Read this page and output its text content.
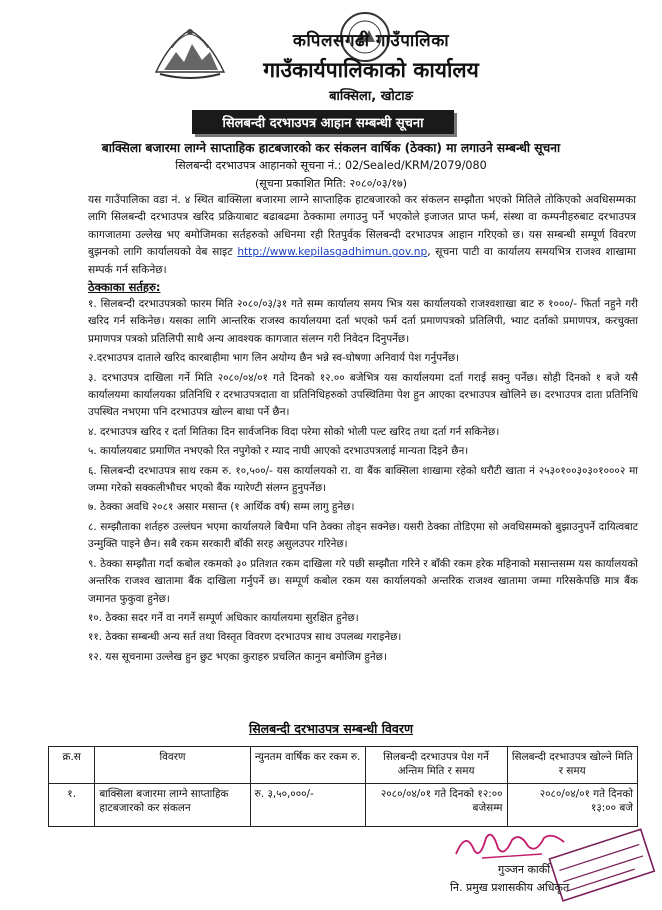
कपिलसगढी गाउँपालिका
गाउँकार्यपालिकाको कार्यालय
बाक्सिला, खोटाङ
सिलबन्दी दरभाउपत्र आहान सम्बन्धी सूचना
बाक्सिला बजारमा लाग्ने साप्ताहिक हाटबजारको कर संकलन वार्षिक (ठेक्का) मा लगाउने सम्बन्धी सूचना
सिलबन्दी दरभाउपत्र आहानको सूचना नं.: 02/Sealed/KRM/2079/080
(सूचना प्रकाशित मिति: २०८०/०३/१७)
यस गाउँपालिका वडा नं. ४ स्थित बाक्सिला बजारमा लाग्ने साप्ताहिक हाटबजारको कर संकलन सम्झौता भएको मितिले तोकिएको अवधिसम्मका लागि सिलबन्दी दरभाउपत्र खरिद प्रक्रियाबाट बढाबढमा ठेक्कामा लगाउनु पर्ने भएकोले इजाजत प्राप्त फर्म, संस्था वा कम्पनीहरुबाट दरभाउपत्र कागजातमा उल्लेख भए बमोजिमका सर्तहरुको अधिनमा रही रितपुर्वक सिलबन्दी दरभाउपत्र आहान गरिएको छ। यस सम्बन्धी सम्पूर्ण विवरण बुझनको लागि कार्यालयको वेब साइट http://www.kepilasgadhimun.gov.np, सूचना पाटी वा कार्यालय समयभित्र राजश्व शाखामा सम्पर्क गर्न सकिनेछ।
ठेक्काका सर्तहरु:

१. सिलबन्दी दरभाउपत्रको फारम मिति २०८०/०३/३१ गते सम्म कार्यालय समय भित्र यस कार्यालयको राजश्वशाखा बाट रु १०००/- फिर्ता नहुने गरी खरिद गर्न सकिनेछ। यसका लागि आन्तरिक राजस्व कार्यालयमा दर्ता भएको फर्म दर्ता प्रमाणपत्रको प्रतिलिपी, भ्याट दर्ताको प्रमाणपत्र, करचुक्ता प्रमाणपत्र पत्रको प्रतिलिपी साथै अन्य आवश्यक कागजात संलग्न गरी निवेदन दिनुपर्नेछ।

२.दरभाउपत्र दाताले खरिद कारबाहीमा भाग लिन अयोग्य छैन भन्ने स्व-घोषणा अनिवार्य पेश गर्नुपर्नेछ।

३. दरभाउपत्र दाखिला गर्ने मिति २०८०/०४/०१ गते दिनको १२.०० बजेभित्र यस कार्यालयमा दर्ता गराई सक्नु पर्नेछ। सोही दिनको १ बजे यसै कार्यालयमा कार्यालयका प्रतिनिधि र दरभाउपत्रदाता वा प्रतिनिधिहरुको उपस्थितिमा पेश हुन आएका दरभाउपत्र खोलिने छ। दरभाउपत्र दाता प्रतिनिधि उपस्थित नभएमा पनि दरभाउपत्र खोल्न बाधा पर्ने छैन।

४. दरभाउपत्र खरिद र दर्ता मितिका दिन सार्वजनिक विदा परेमा सोको भोली पल्ट खरिद तथा दर्ता गर्न सकिनेछ।

५. कार्यालयबाट प्रमाणित नभएको रित नपुगेको र म्याद नाघी आएको दरभाउपत्रलाई मान्यता दिइने छैन।

६. सिलबन्दी दरभाउपत्र साथ रकम रु. १०,५००/- यस कार्यालयको रा. वा बैंक बाक्सिला शाखामा रहेको धरौटी खाता नं २५३०१००३०३०१०००२ मा जम्मा गरेको सक्कलीभौचर भएको बैंक ग्यारेण्टी संलग्न हुनुपर्नेछ।

७. ठेक्का अवधि २०८१ असार मसान्त (१ आर्थिक वर्ष) सम्म लागु हुनेछ।

८. सम्झौताका शर्तहरु उल्लंघन भएमा कार्यालयले बिचैमा पनि ठेक्का तोड्न सक्नेछ। यसरी ठेक्का तोडिएमा सो अवधिसम्मको बुझाउनुपर्ने दायित्वबाट उन्मुक्ति पाइने छैन। सबै रकम सरकारी बाँकी सरह असुलउपर गरिनेछ।

९. ठेक्का सम्झौता गर्दा कबोल रकमको ३० प्रतिशत रकम दाखिला गरे पछी सम्झौता गरिने र बाँकी रकम हरेक महिनाको मसान्तसम्म यस कार्यालयको अन्तरिक राजश्व खातामा बैंक दाखिला गर्नुपर्ने छ। सम्पूर्ण कबोल रकम यस कार्यालयको अन्तरिक राजश्व खातामा जम्मा गरिसकेपछि मात्र बैंक जमानत फुकुवा हुनेछ।

१०. ठेक्का सदर गर्ने वा नगर्ने सम्पूर्ण अधिकार कार्यालयमा सुरक्षित हुनेछ।

११. ठेक्का सम्बन्धी अन्य सर्त तथा विस्तृत विवरण दरभाउपत्र साथ उपलब्ध गराइनेछ।

१२. यस सूचनामा उल्लेख हुन छुट भएका कुराहरु प्रचलित कानुन बमोजिम हुनेछ।

सिलबन्दी दरभाउपत्र सम्बन्धी विवरण
क्र.स	विवरण	न्युनतम वार्षिक कर रकम रु.	सिलबन्दी दरभाउपत्र पेश गर्ने अन्तिम मिति र समय	सिलबन्दी दरभाउपत्र खोल्ने मिति र समय
१.	बाक्सिला बजारमा लाग्ने साप्ताहिक हाटबजारको कर संकलन	रु. ३,५०,०००/-	२०८०/०४/०१ गते दिनको १२:०० बजेसम्म	२०८०/०४/०१ गते दिनको १३:०० बजे
गुञ्जन कार्की
नि. प्रमुख प्रशासकीय अधिकृत
